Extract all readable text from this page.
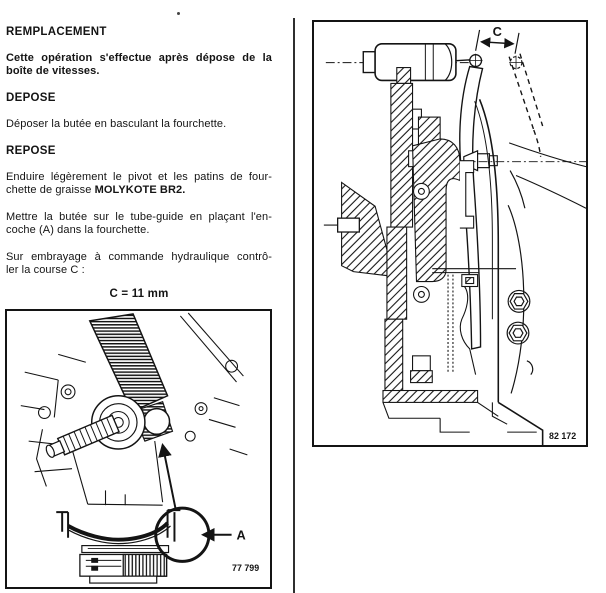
REMPLACEMENT

Cette opération s'effectue après dépose de la
boîte de vitesses.

DEPOSE

Déposer la butée en basculant la fourchette.

REPOSE

Enduire légèrement le pivot et les patins de four-
chette de graisse MOLYKOTE BR2.

Mettre la butée sur le tube-guide en plaçant l'en-
coche (A) dans la fourchette.

Sur embrayage à commande hydraulique contrô-
ler la course C :

C = 11 mm
A
77 799
C
82 172
